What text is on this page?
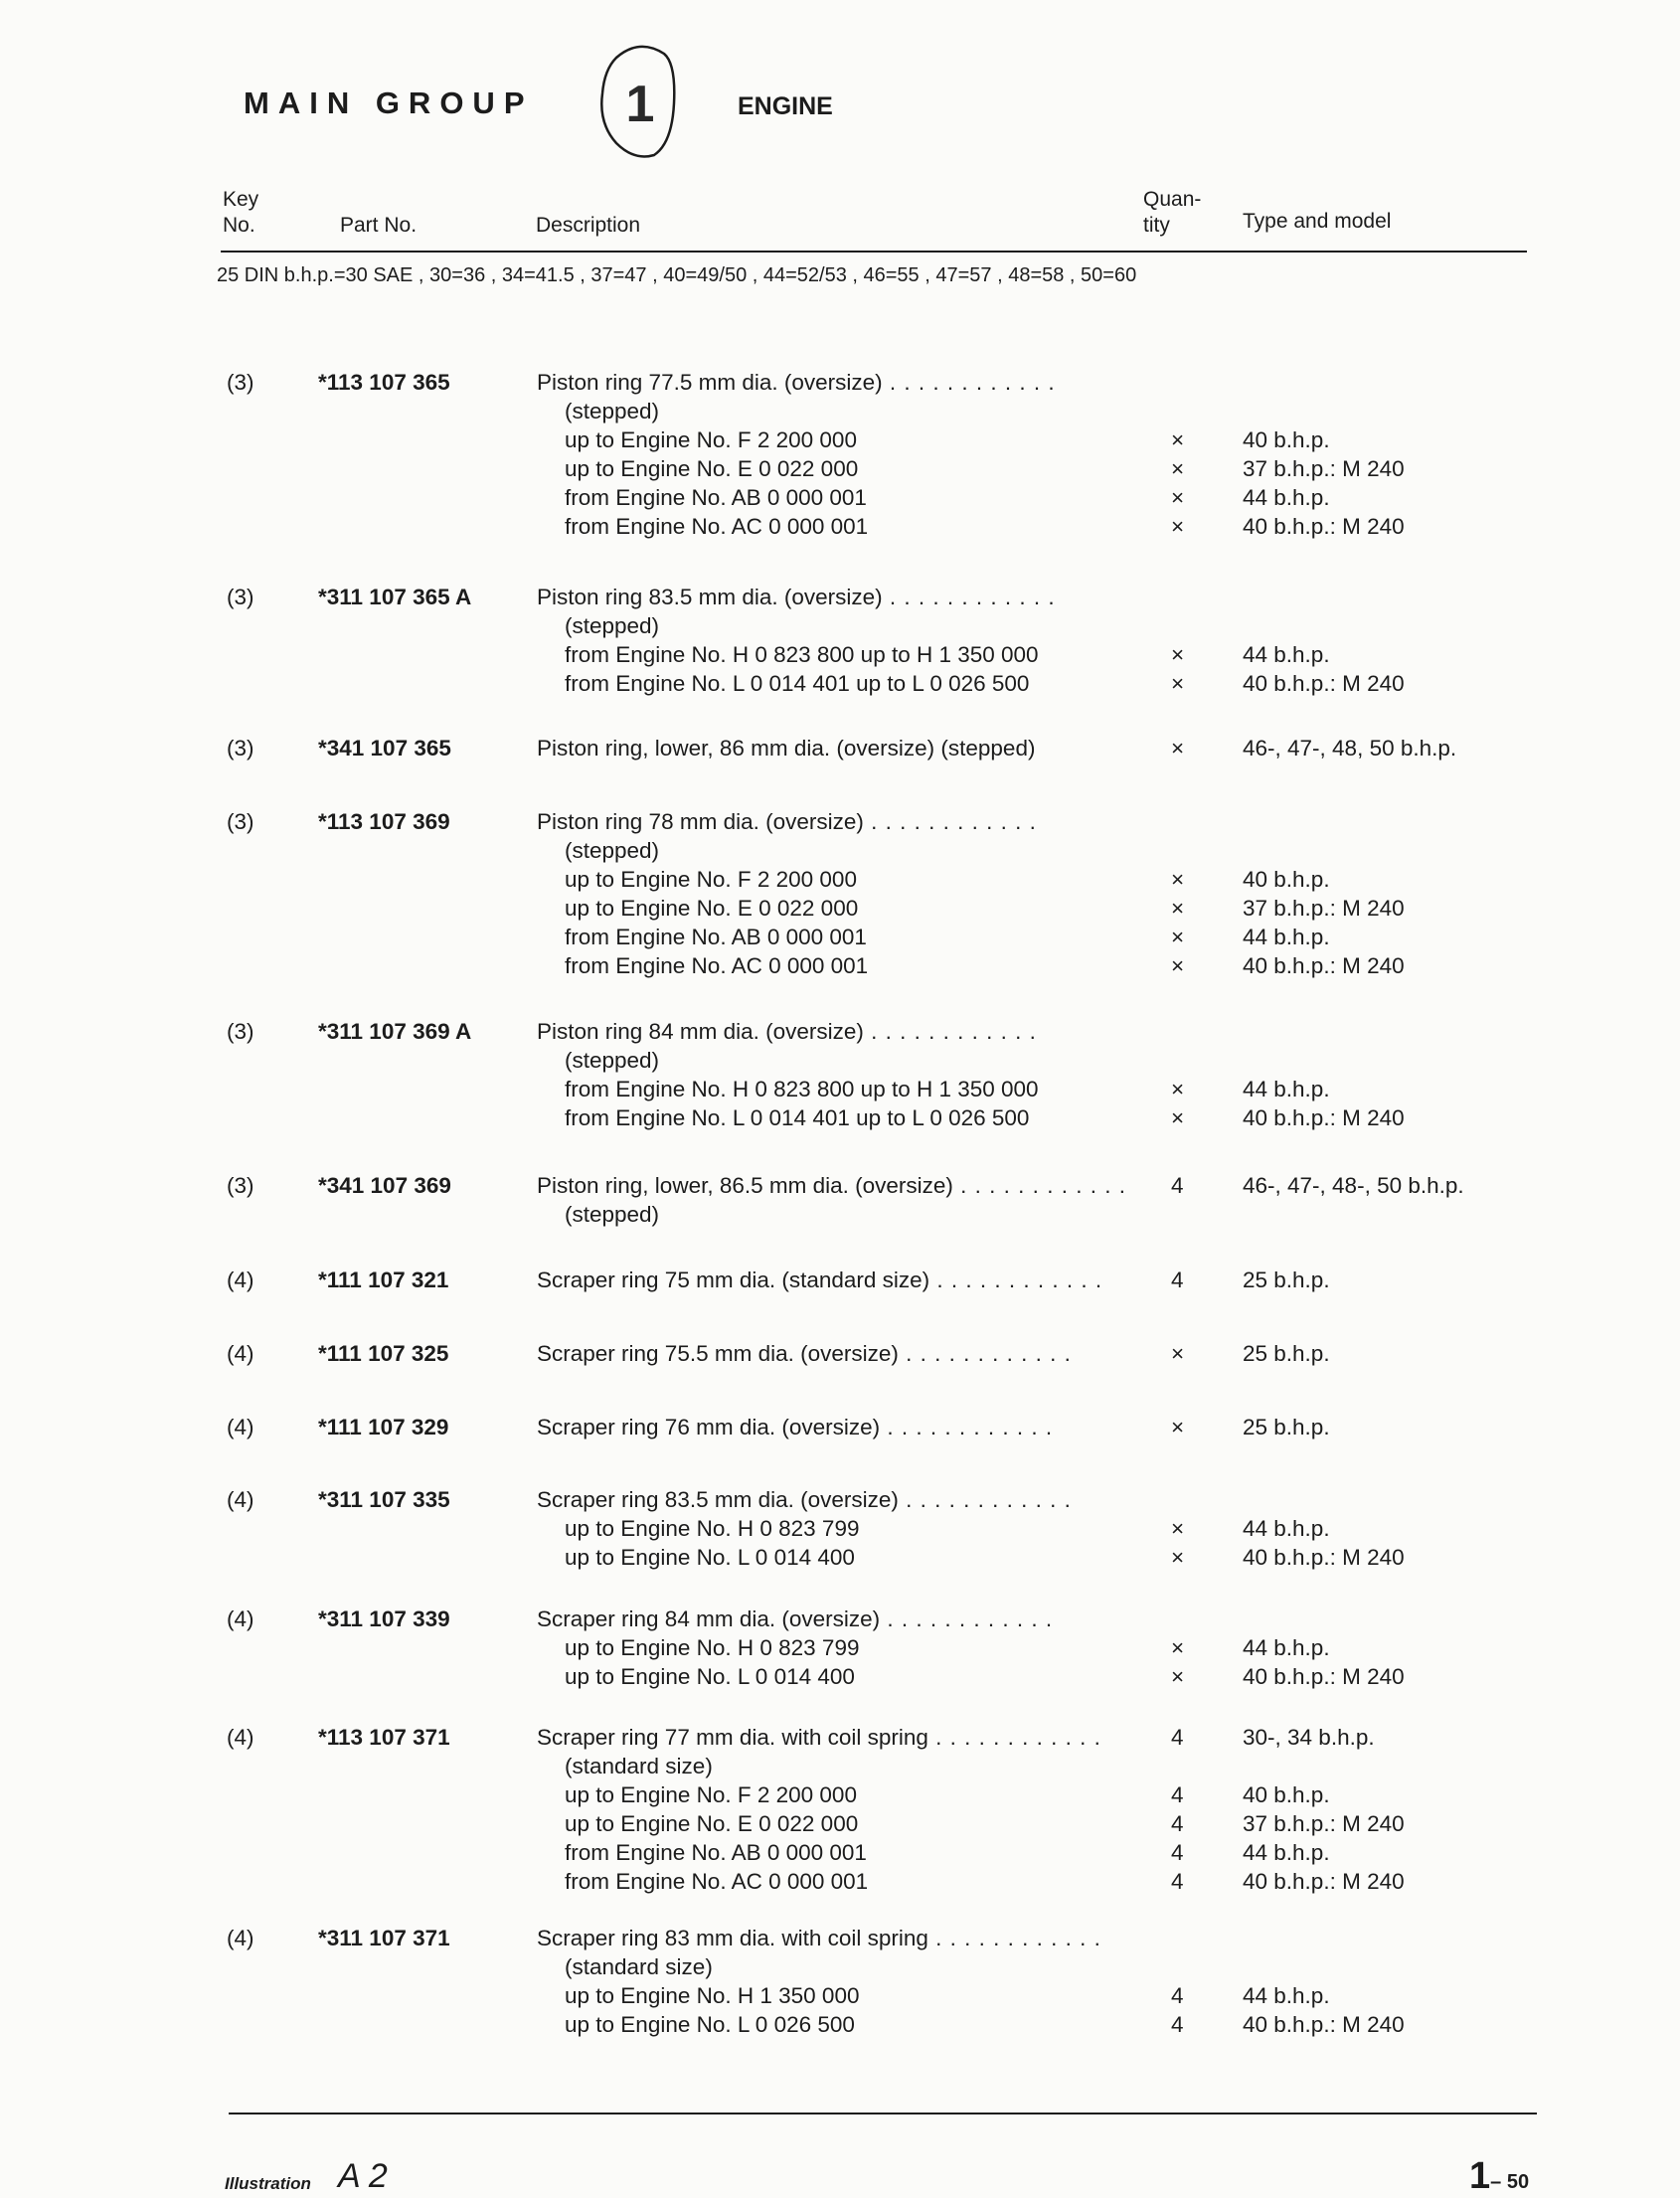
MAIN GROUP 1	ENGINE
Key
No.	Part No.	Description
Quan-
tity	Type and model
25 DIN b.h.p.=30 SAE , 30=36 , 34=41.5 , 37=47 , 40=49/50 , 44=52/53 , 46=55 , 47=57 , 48=58 , 50=60
(3)	*113 107 365	Piston ring 77.5 mm dia. (oversize) . . .
(stepped)
up to Engine No. F 2 200 000	×	40 b.h.p.
up to Engine No. E 0 022 000	×	37 b.h.p.: M 240
from Engine No. AB 0 000 001	×	44 b.h.p.
from Engine No. AC 0 000 001	×	40 b.h.p.: M 240
(3)	*311 107 365 A	Piston ring 83.5 mm dia. (oversize) . . .
(stepped)
from Engine No. H 0 823 800 up to H 1 350 000	×	44 b.h.p.
from Engine No. L 0 014 401 up to L 0 026 500	×	40 b.h.p.: M 240
(3)	*341 107 365	Piston ring, lower, 86 mm dia. (oversize) (stepped)	×	46-, 47-, 48, 50 b.h.p.
(3)	*113 107 369	Piston ring 78 mm dia. (oversize) . . .
(stepped)
up to Engine No. F 2 200 000	×	40 b.h.p.
up to Engine No. E 0 022 000	×	37 b.h.p.: M 240
from Engine No. AB 0 000 001	×	44 b.h.p.
from Engine No. AC 0 000 001	×	40 b.h.p.: M 240
(3)	*311 107 369 A	Piston ring 84 mm dia. (oversize) . . .
(stepped)
from Engine No. H 0 823 800 up to H 1 350 000	×	44 b.h.p.
from Engine No. L 0 014 401 up to L 0 026 500	×	40 b.h.p.: M 240
(3)	*341 107 369	Piston ring, lower, 86.5 mm dia. (oversize) . . .	4	46-, 47-, 48-, 50 b.h.p.
(stepped)
(4)	*111 107 321	Scraper ring 75 mm dia. (standard size) . . .	4	25 b.h.p.
(4)	*111 107 325	Scraper ring 75.5 mm dia. (oversize) . . .	×	25 b.h.p.
(4)	*111 107 329	Scraper ring 76 mm dia. (oversize) . . .	×	25 b.h.p.
(4)	*311 107 335	Scraper ring 83.5 mm dia. (oversize) . . .
up to Engine No. H 0 823 799	×	44 b.h.p.
up to Engine No. L 0 014 400	×	40 b.h.p.: M 240
(4)	*311 107 339	Scraper ring 84 mm dia. (oversize) . . .
up to Engine No. H 0 823 799	×	44 b.h.p.
up to Engine No. L 0 014 400	×	40 b.h.p.: M 240
(4)	*113 107 371	Scraper ring 77 mm dia. with coil spring . . .	4	30-, 34 b.h.p.
(standard size)
up to Engine No. F 2 200 000	4	40 b.h.p.
up to Engine No. E 0 022 000	4	37 b.h.p.: M 240
from Engine No. AB 0 000 001	4	44 b.h.p.
from Engine No. AC 0 000 001	4	40 b.h.p.: M 240
(4)	*311 107 371	Scraper ring 83 mm dia. with coil spring . . .
(standard size)
up to Engine No. H 1 350 000	4	44 b.h.p.
up to Engine No. L 0 026 500	4	40 b.h.p.: M 240
Illustration A 2	1– 50
